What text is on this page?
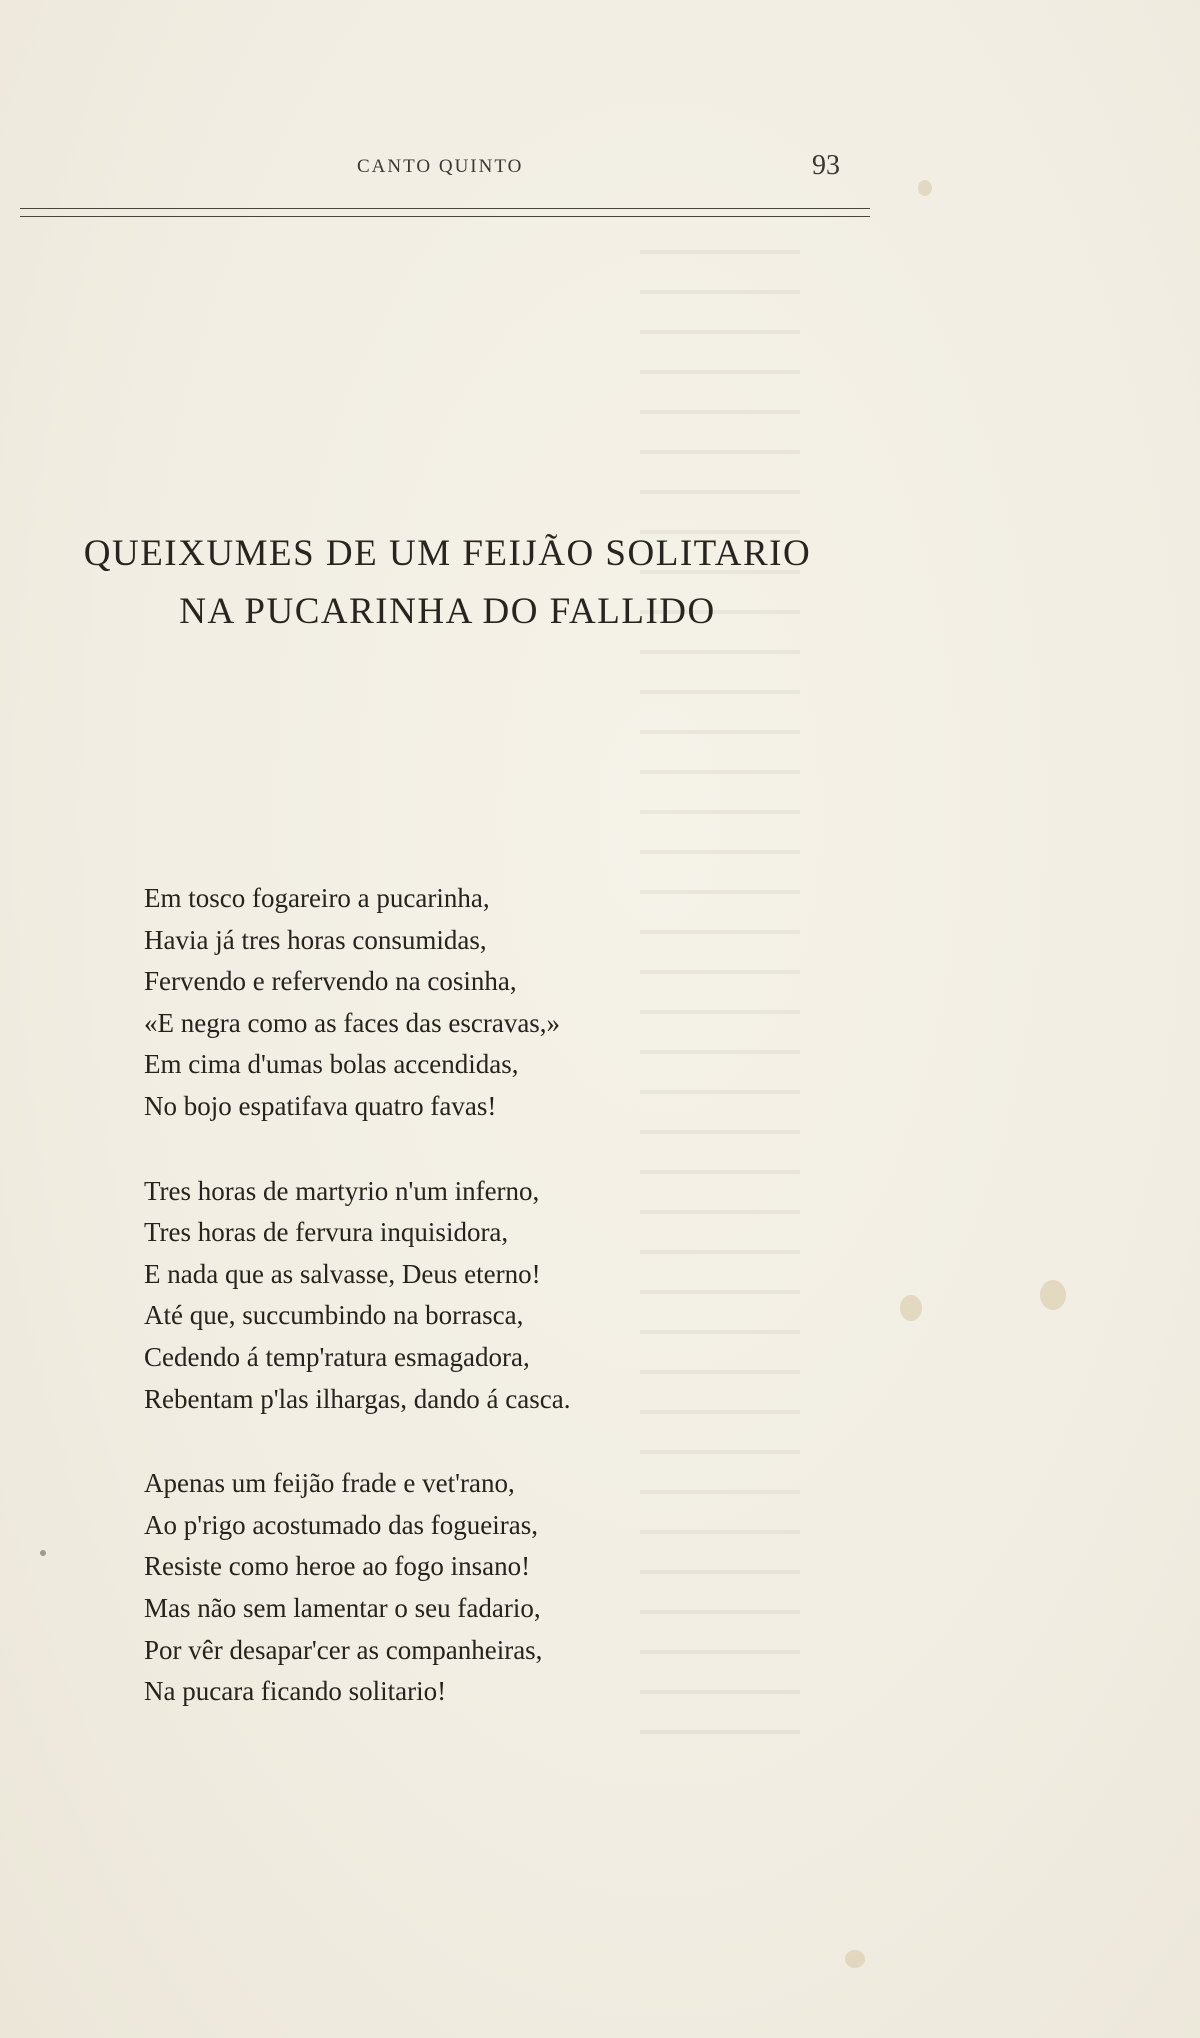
CANTO QUINTO	93
QUEIXUMES DE UM FEIJÃO SOLITARIO
NA PUCARINHA DO FALLIDO
Em tosco fogareiro a pucarinha,
Havia já tres horas consumidas,
Fervendo e refervendo na cosinha,
«E negra como as faces das escravas,»
Em cima d'umas bolas accendidas,
No bojo espatifava quatro favas!
Tres horas de martyrio n'um inferno,
Tres horas de fervura inquisidora,
E nada que as salvasse, Deus eterno!
Até que, succumbindo na borrasca,
Cedendo á temp'ratura esmagadora,
Rebentam p'las ilhargas, dando á casca.
Apenas um feijão frade e vet'rano,
Ao p'rigo acostumado das fogueiras,
Resiste como heroe ao fogo insano!
Mas não sem lamentar o seu fadario,
Por vêr desapar'cer as companheiras,
Na pucara ficando solitario!
